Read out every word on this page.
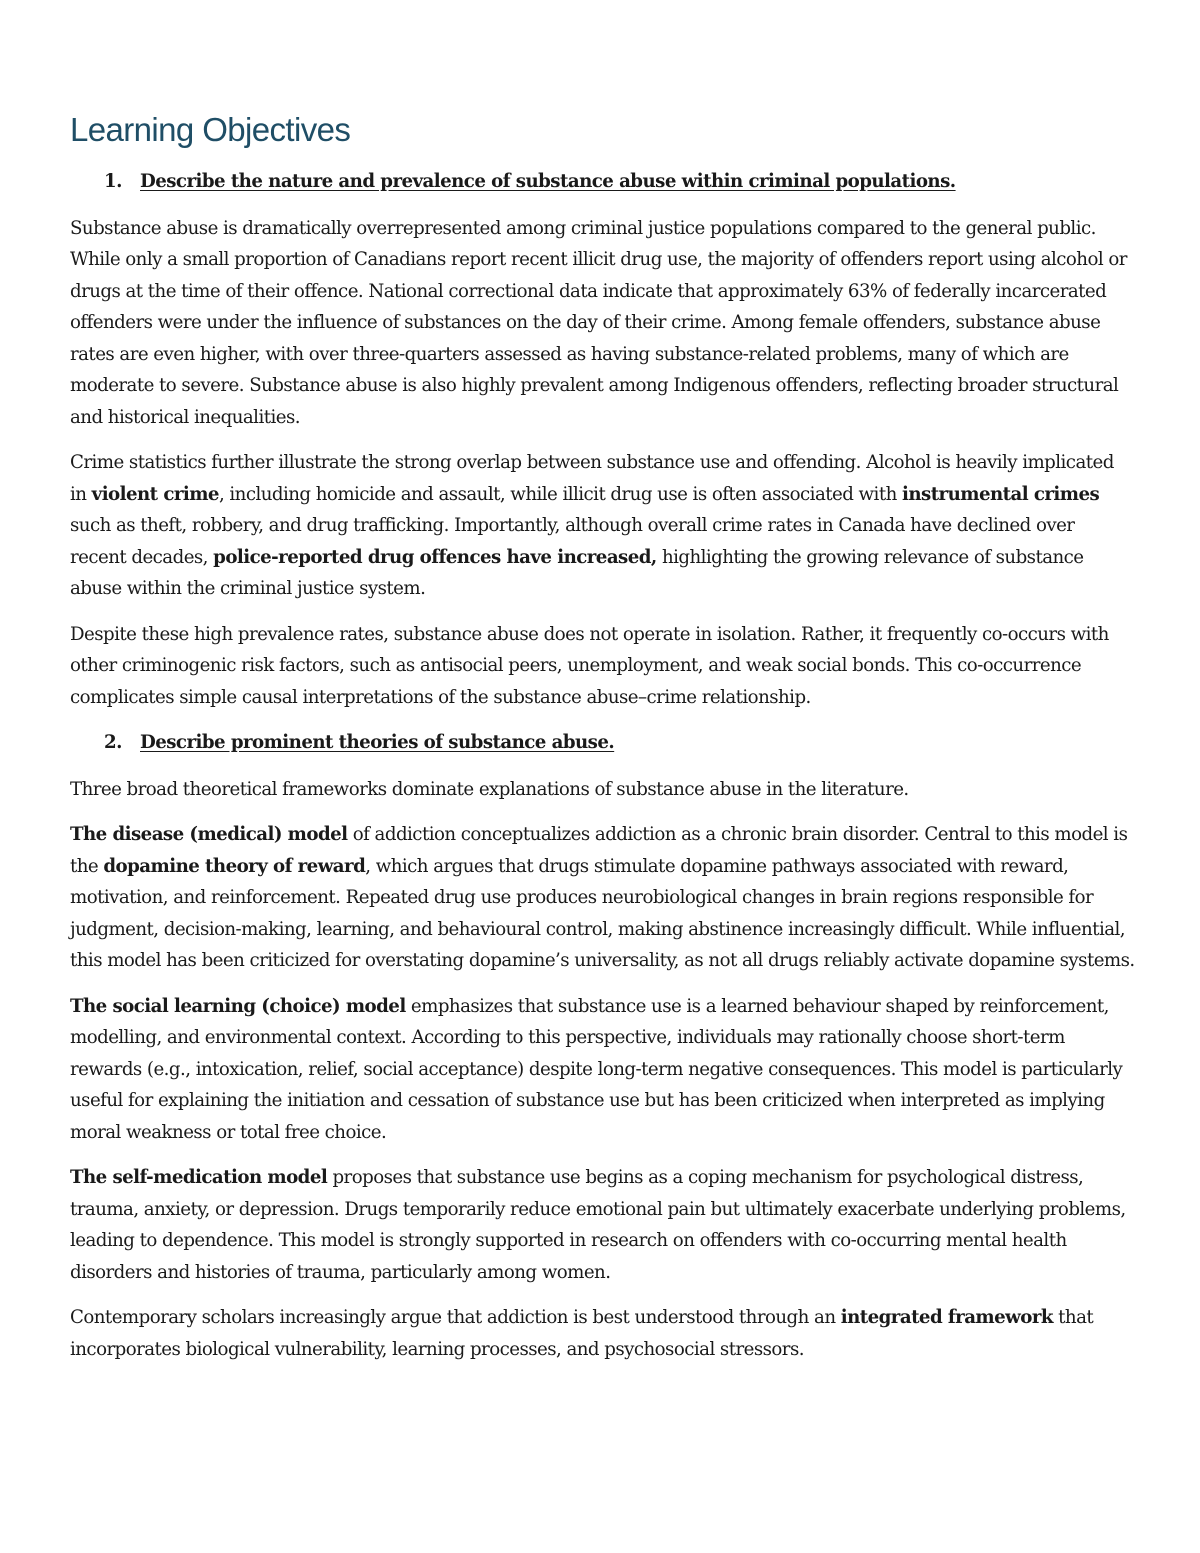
Learning Objectives
1. Describe the nature and prevalence of substance abuse within criminal populations.

Substance abuse is dramatically overrepresented among criminal justice populations compared to the general public. While only a small proportion of Canadians report recent illicit drug use, the majority of offenders report using alcohol or drugs at the time of their offence. National correctional data indicate that approximately 63% of federally incarcerated offenders were under the influence of substances on the day of their crime. Among female offenders, substance abuse rates are even higher, with over three-quarters assessed as having substance-related problems, many of which are moderate to severe. Substance abuse is also highly prevalent among Indigenous offenders, reflecting broader structural and historical inequalities.

Crime statistics further illustrate the strong overlap between substance use and offending. Alcohol is heavily implicated in violent crime, including homicide and assault, while illicit drug use is often associated with instrumental crimes such as theft, robbery, and drug trafficking. Importantly, although overall crime rates in Canada have declined over recent decades, police-reported drug offences have increased, highlighting the growing relevance of substance abuse within the criminal justice system.

Despite these high prevalence rates, substance abuse does not operate in isolation. Rather, it frequently co-occurs with other criminogenic risk factors, such as antisocial peers, unemployment, and weak social bonds. This co-occurrence complicates simple causal interpretations of the substance abuse–crime relationship.

2. Describe prominent theories of substance abuse.

Three broad theoretical frameworks dominate explanations of substance abuse in the literature.

The disease (medical) model of addiction conceptualizes addiction as a chronic brain disorder. Central to this model is the dopamine theory of reward, which argues that drugs stimulate dopamine pathways associated with reward, motivation, and reinforcement. Repeated drug use produces neurobiological changes in brain regions responsible for judgment, decision-making, learning, and behavioural control, making abstinence increasingly difficult. While influential, this model has been criticized for overstating dopamine’s universality, as not all drugs reliably activate dopamine systems.

The social learning (choice) model emphasizes that substance use is a learned behaviour shaped by reinforcement, modelling, and environmental context. According to this perspective, individuals may rationally choose short-term rewards (e.g., intoxication, relief, social acceptance) despite long-term negative consequences. This model is particularly useful for explaining the initiation and cessation of substance use but has been criticized when interpreted as implying moral weakness or total free choice.

The self-medication model proposes that substance use begins as a coping mechanism for psychological distress, trauma, anxiety, or depression. Drugs temporarily reduce emotional pain but ultimately exacerbate underlying problems, leading to dependence. This model is strongly supported in research on offenders with co-occurring mental health disorders and histories of trauma, particularly among women.

Contemporary scholars increasingly argue that addiction is best understood through an integrated framework that incorporates biological vulnerability, learning processes, and psychosocial stressors.
